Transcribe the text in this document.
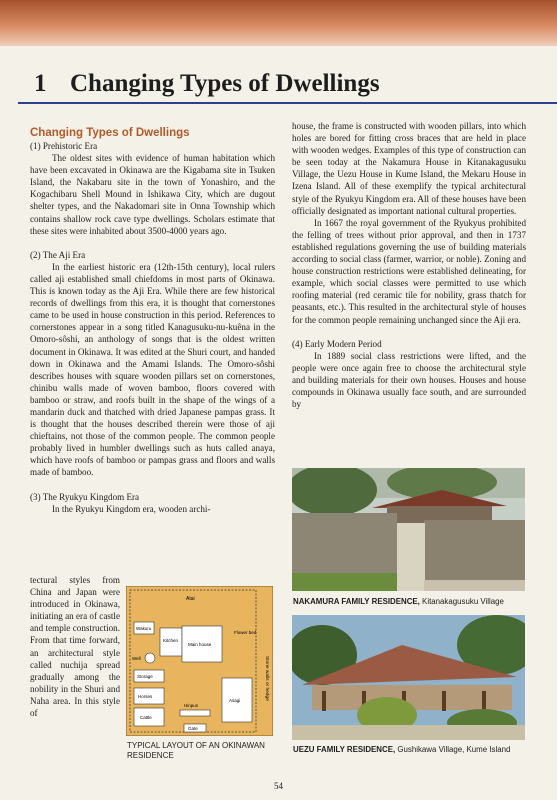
1 Changing Types of Dwellings

Changing Types of Dwellings

(1) Prehistoric Era

The oldest sites with evidence of human habitation which have been excavated in Okinawa are the Kigabama site in Tsuken Island, the Nakabaru site in the town of Yonashiro, and the Kogachibaru Shell Mound in Ishikawa City, which are dugout shelter types, and the Nakadomari site in Onna Township which contains shallow rock cave type dwellings. Scholars estimate that these sites were inhabited about 3500-4000 years ago.

(2) The Aji Era

In the earliest historic era (12th-15th century), local rulers called aji established small chiefdoms in most parts of Okinawa. This is known today as the Aji Era. While there are few historical records of dwellings from this era, it is thought that cornerstones came to be used in house construction in this period. References to cornerstones appear in a song titled Kanagusuku-nu-kuêna in the Omoro-sôshi, an anthology of songs that is the oldest written document in Okinawa. It was edited at the Shuri court, and handed down in Okinawa and the Amami Islands. The Omoro-sôshi describes houses with square wooden pillars set on cornerstones, chinibu walls made of woven bamboo, floors covered with bamboo or straw, and roofs built in the shape of the wings of a mandarin duck and thatched with dried Japanese pampas grass. It is thought that the houses described therein were those of aji chieftains, not those of the common people. The common people probably lived in humbler dwellings such as huts called anaya, which have roofs of bamboo or pampas grass and floors and walls made of bamboo.

(3) The Ryukyu Kingdom Era

In the Ryukyu Kingdom era, wooden archi-

tectural styles from China and Japan were introduced in Okinawa, initiating an era of castle and temple construction. From that time forward, an architectural style called nuchija spread gradually among the nobility in the Shuri and Naha area. In this style of
Atai
Wakuru
Kitchen
Main house
Flower bed
Well
Storage
Horses
Cattle
Asagi
Hinpun
Gate
Stone walls or hedge
TYPICAL LAYOUT OF AN OKINAWAN RESIDENCE

house, the frame is constructed with wooden pillars, into which holes are bored for fitting cross braces that are held in place with wooden wedges. Examples of this type of construction can be seen today at the Nakamura House in Kitanakagusuku Village, the Uezu House in Kume Island, the Mekaru House in Izena Island. All of these exemplify the typical architectural style of the Ryukyu Kingdom era. All of these houses have been officially designated as important national cultural properties.

In 1667 the royal government of the Ryukyus prohibited the felling of trees without prior approval, and then in 1737 established regulations governing the use of building materials according to social class (farmer, warrior, or noble). Zoning and house construction restrictions were established delineating, for example, which social classes were permitted to use which roofing material (red ceramic tile for nobility, grass thatch for peasants, etc.). This resulted in the architectural style of houses for the common people remaining unchanged since the Aji era.

(4) Early Modern Period

In 1889 social class restrictions were lifted, and the people were once again free to choose the architectural style and building materials for their own houses. Houses and house compounds in Okinawa usually face south, and are surrounded by

NAKAMURA FAMILY RESIDENCE, Kitanakagusuku Village
UEZU FAMILY RESIDENCE, Gushikawa Village, Kume Island
54
